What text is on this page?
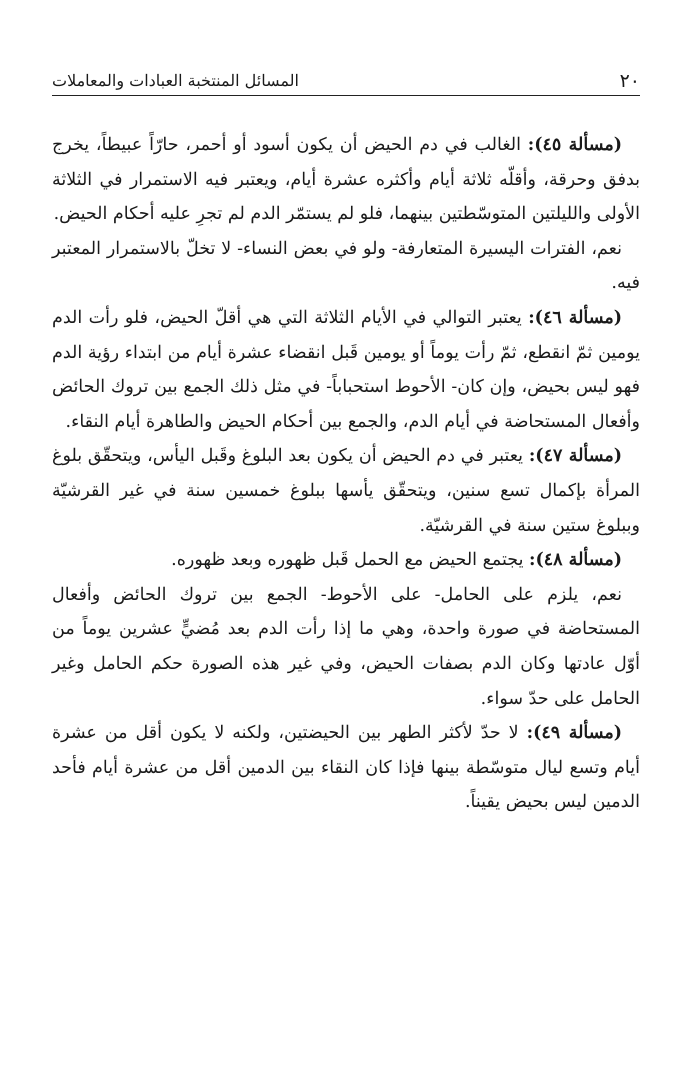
٢٠
المسائل المنتخبة العبادات والمعاملات

(مسألة ٤٥): الغالب في دم الحيض أن يكون أسود أو أحمر، حارّاً عبيطاً، يخرج بدفق وحرقة، وأقلّه ثلاثة أيام وأكثره عشرة أيام، ويعتبر فيه الاستمرار في الثلاثة الأولى والليلتين المتوسّطتين بينهما، فلو لم يستمّر الدم لم تجرِ عليه أحكام الحيض.

نعم، الفترات اليسيرة المتعارفة- ولو في بعض النساء- لا تخلّ بالاستمرار المعتبر فيه.

(مسألة ٤٦): يعتبر التوالي في الأيام الثلاثة التي هي أقلّ الحيض، فلو رأت الدم يومين ثمّ انقطع، ثمّ رأت يوماً أو يومين قَبل انقضاء عشرة أيام من ابتداء رؤية الدم فهو ليس بحيض، وإن كان- الأحوط استحباباً- في مثل ذلك الجمع بين تروك الحائض وأفعال المستحاضة في أيام الدم، والجمع بين أحكام الحيض والطاهرة أيام النقاء.

(مسألة ٤٧): يعتبر في دم الحيض أن يكون بعد البلوغ وقَبل اليأس، ويتحقّق بلوغ المرأة بإكمال تسع سنين، ويتحقّق يأسها ببلوغ خمسين سنة في غير القرشيّة وببلوغ ستين سنة في القرشيّة.

(مسألة ٤٨): يجتمع الحيض مع الحمل قَبل ظهوره وبعد ظهوره.

نعم، يلزم على الحامل- على الأحوط- الجمع بين تروك الحائض وأفعال المستحاضة في صورة واحدة، وهي ما إذا رأت الدم بعد مُضيٍّ عشرين يوماً من أوّل عادتها وكان الدم بصفات الحيض، وفي غير هذه الصورة حكم الحامل وغير الحامل على حدّ سواء.

(مسألة ٤٩): لا حدّ لأكثر الطهر بين الحيضتين، ولكنه لا يكون أقل من عشرة أيام وتسع ليال متوسّطة بينها فإذا كان النقاء بين الدمين أقل من عشرة أيام فأحد الدمين ليس بحيض يقيناً.
